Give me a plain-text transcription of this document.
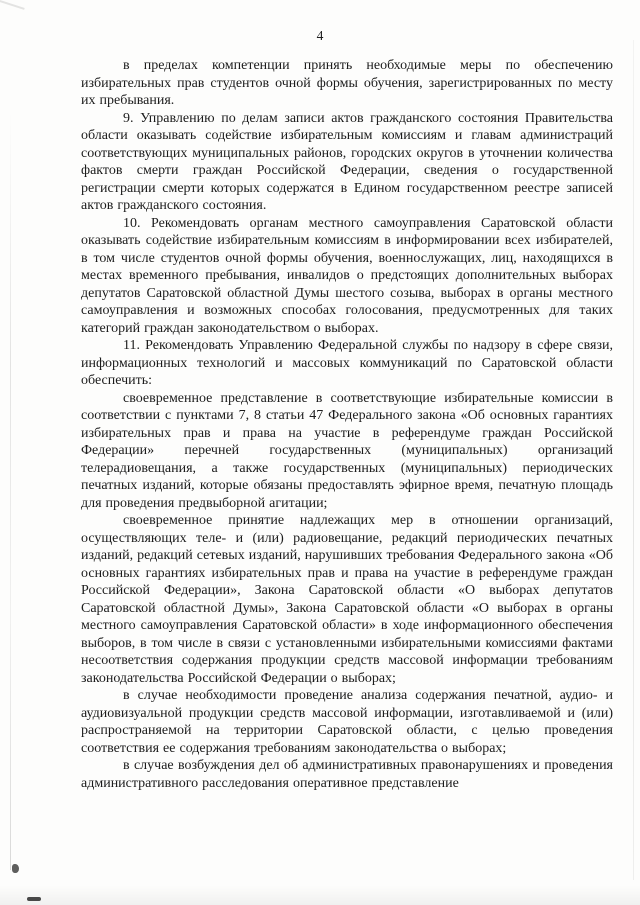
4

в пределах компетенции принять необходимые меры по обеспечению избирательных прав студентов очной формы обучения, зарегистрированных по месту их пребывания.

9. Управлению по делам записи актов гражданского состояния Правительства области оказывать содействие избирательным комиссиям и главам администраций соответствующих муниципальных районов, городских округов в уточнении количества фактов смерти граждан Российской Федерации, сведения о государственной регистрации смерти которых содержатся в Едином государственном реестре записей актов гражданского состояния.

10. Рекомендовать органам местного самоуправления Саратовской области оказывать содействие избирательным комиссиям в информировании всех избирателей, в том числе студентов очной формы обучения, военнослужащих, лиц, находящихся в местах временного пребывания, инвалидов о предстоящих дополнительных выборах депутатов Саратовской областной Думы шестого созыва, выборах в органы местного самоуправления и возможных способах голосования, предусмотренных для таких категорий граждан законодательством о выборах.

11. Рекомендовать Управлению Федеральной службы по надзору в сфере связи, информационных технологий и массовых коммуникаций по Саратовской области обеспечить:

своевременное представление в соответствующие избирательные комиссии в соответствии с пунктами 7, 8 статьи 47 Федерального закона «Об основных гарантиях избирательных прав и права на участие в референдуме граждан Российской Федерации» перечней государственных (муниципальных) организаций телерадиовещания, а также государственных (муниципальных) периодических печатных изданий, которые обязаны предоставлять эфирное время, печатную площадь для проведения предвыборной агитации;

своевременное принятие надлежащих мер в отношении организаций, осуществляющих теле- и (или) радиовещание, редакций периодических печатных изданий, редакций сетевых изданий, нарушивших требования Федерального закона «Об основных гарантиях избирательных прав и права на участие в референдуме граждан Российской Федерации», Закона Саратовской области «О выборах депутатов Саратовской областной Думы», Закона Саратовской области «О выборах в органы местного самоуправления Саратовской области» в ходе информационного обеспечения выборов, в том числе в связи с установленными избирательными комиссиями фактами несоответствия содержания продукции средств массовой информации требованиям законодательства Российской Федерации о выборах;

в случае необходимости проведение анализа содержания печатной, аудио- и аудиовизуальной продукции средств массовой информации, изготавливаемой и (или) распространяемой на территории Саратовской области, с целью проведения соответствия ее содержания требованиям законодательства о выборах;

в случае возбуждения дел об административных правонарушениях и проведения административного расследования оперативное представление
